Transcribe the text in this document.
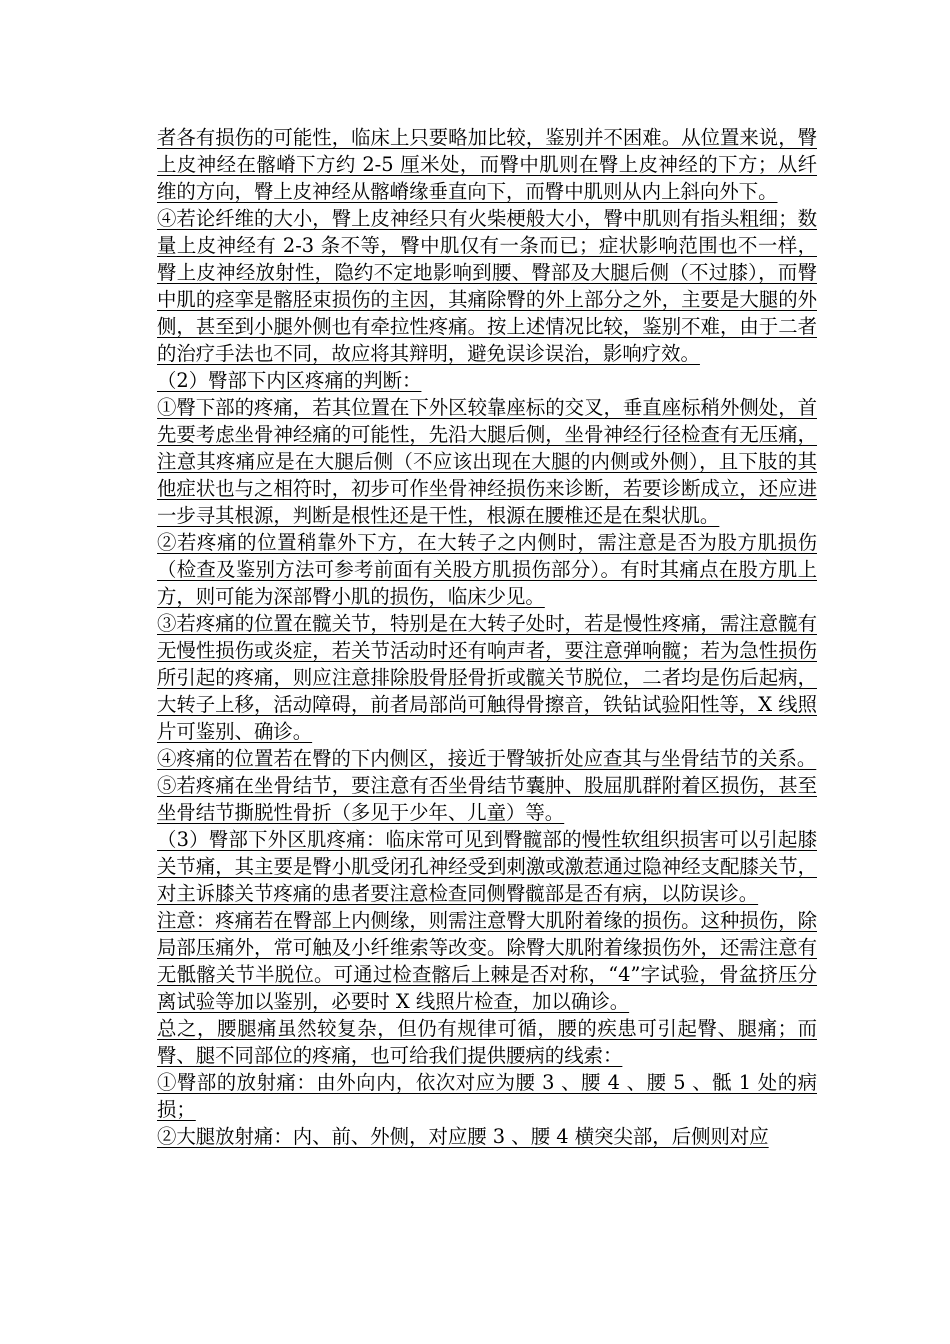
者各有损伤的可能性，临床上只要略加比较，鉴别并不困难。从位置来说，臀上皮神经在髂嵴下方约 2-5 厘米处，而臀中肌则在臀上皮神经的下方；从纤维的方向，臀上皮神经从髂嵴缘垂直向下，而臀中肌则从内上斜向外下。

④若论纤维的大小，臀上皮神经只有火柴梗般大小，臀中肌则有指头粗细；数量上皮神经有 2-3 条不等，臀中肌仅有一条而已；症状影响范围也不一样，臀上皮神经放射性，隐约不定地影响到腰、臀部及大腿后侧（不过膝），而臀中肌的痉挛是髂胫束损伤的主因，其痛除臀的外上部分之外，主要是大腿的外侧，甚至到小腿外侧也有牵拉性疼痛。按上述情况比较，鉴别不难，由于二者的治疗手法也不同，故应将其辩明，避免误诊误治，影响疗效。

（2）臀部下内区疼痛的判断：

①臀下部的疼痛，若其位置在下外区较靠座标的交叉，垂直座标稍外侧处，首先要考虑坐骨神经痛的可能性，先沿大腿后侧，坐骨神经行径检查有无压痛，注意其疼痛应是在大腿后侧（不应该出现在大腿的内侧或外侧），且下肢的其他症状也与之相符时，初步可作坐骨神经损伤来诊断，若要诊断成立，还应进一步寻其根源，判断是根性还是干性，根源在腰椎还是在梨状肌。

②若疼痛的位置稍靠外下方，在大转子之内侧时，需注意是否为股方肌损伤（检查及鉴别方法可参考前面有关股方肌损伤部分）。有时其痛点在股方肌上方，则可能为深部臀小肌的损伤，临床少见。

③若疼痛的位置在髋关节，特别是在大转子处时，若是慢性疼痛，需注意髋有无慢性损伤或炎症，若关节活动时还有响声者，要注意弹响髋；若为急性损伤所引起的疼痛，则应注意排除股骨胫骨折或髋关节脱位，二者均是伤后起病，大转子上移，活动障碍，前者局部尚可触得骨擦音，铁钻试验阳性等，X 线照片可鉴别、确诊。

④疼痛的位置若在臀的下内侧区，接近于臀皱折处应查其与坐骨结节的关系。

⑤若疼痛在坐骨结节，要注意有否坐骨结节囊肿、股屈肌群附着区损伤，甚至坐骨结节撕脱性骨折（多见于少年、儿童）等。

（3）臀部下外区肌疼痛：临床常可见到臀髋部的慢性软组织损害可以引起膝关节痛，其主要是臀小肌受闭孔神经受到刺激或激惹通过隐神经支配膝关节，对主诉膝关节疼痛的患者要注意检查同侧臀髋部是否有病，以防误诊。

注意：疼痛若在臀部上内侧缘，则需注意臀大肌附着缘的损伤。这种损伤，除局部压痛外，常可触及小纤维索等改变。除臀大肌附着缘损伤外，还需注意有无骶髂关节半脱位。可通过检查髂后上棘是否对称，“4”字试验，骨盆挤压分离试验等加以鉴别，必要时 X 线照片检查，加以确诊。

总之，腰腿痛虽然较复杂，但仍有规律可循，腰的疾患可引起臀、腿痛；而臀、腿不同部位的疼痛，也可给我们提供腰病的线索：

①臀部的放射痛：由外向内，依次对应为腰 3 、腰 4 、腰 5 、骶 1 处的病损；

②大腿放射痛：内、前、外侧，对应腰 3 、腰 4 横突尖部，后侧则对应
